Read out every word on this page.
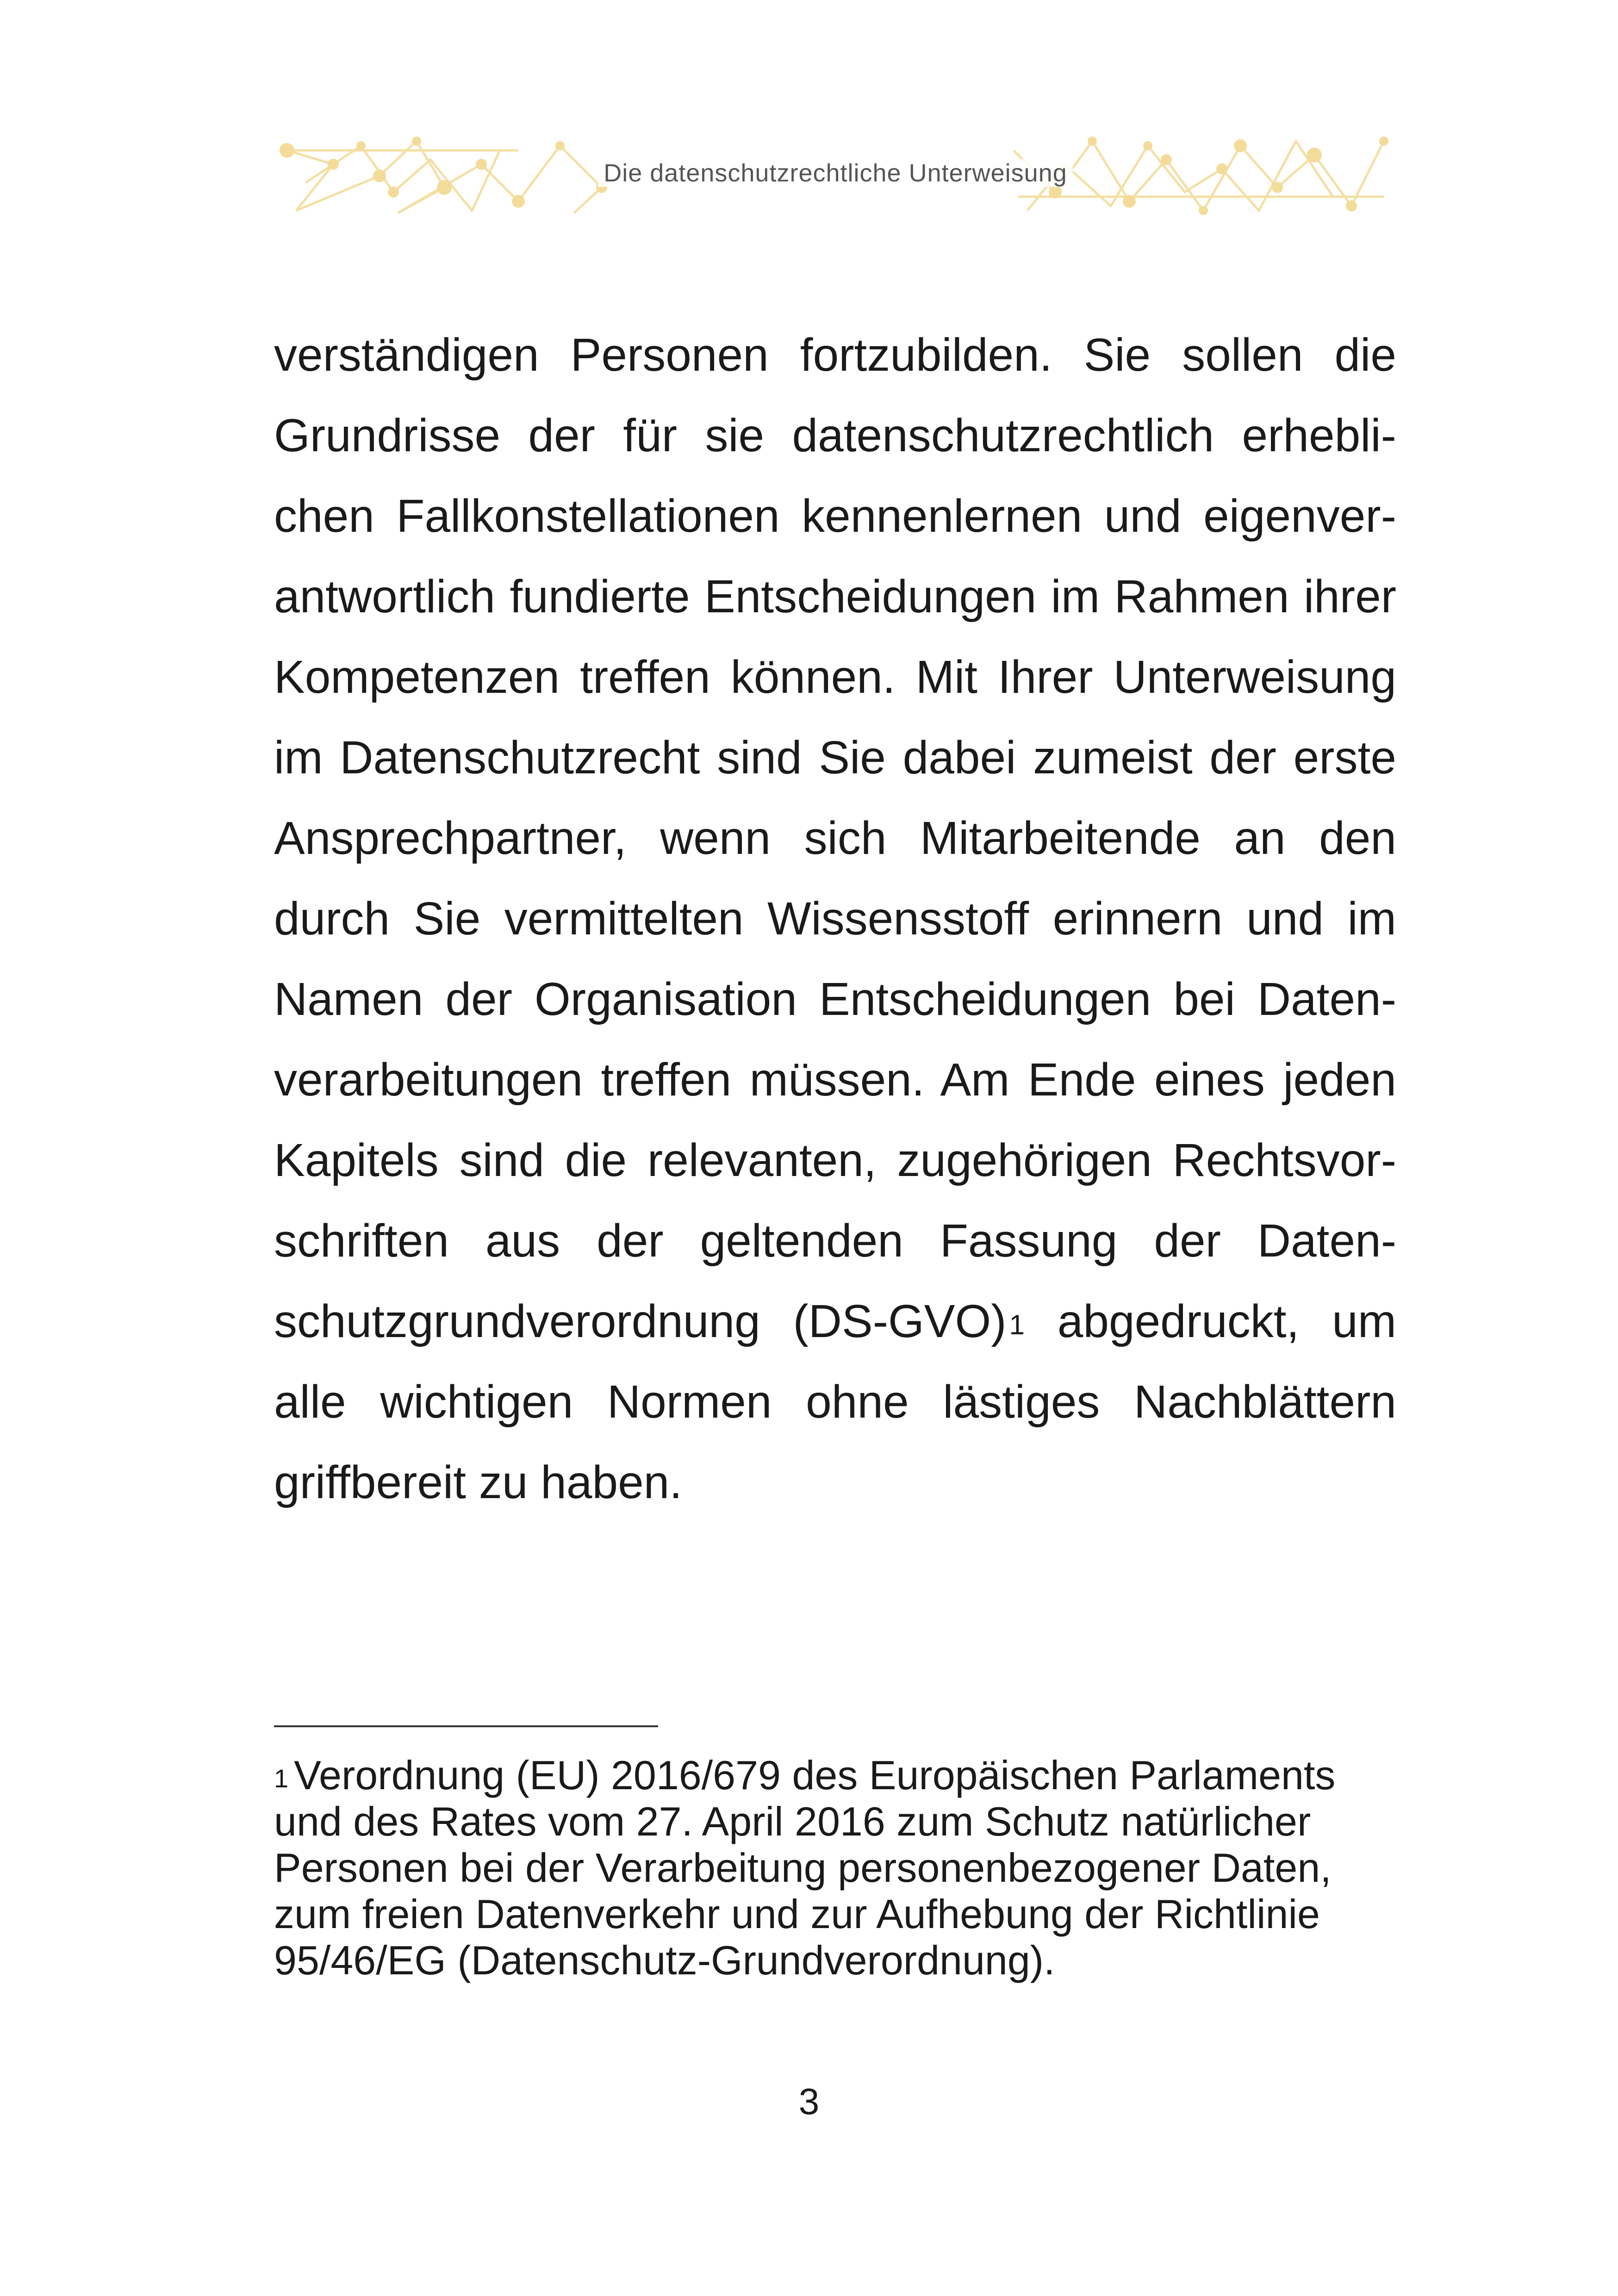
Die datenschutzrechtliche Unterweisung
verständigen Personen fortzubilden. Sie sollen die
Grundrisse der für sie datenschutzrechtlich erhebli-
chen Fallkonstellationen kennenlernen und eigenver-
antwortlich fundierte Entscheidungen im Rahmen ihrer
Kompetenzen treffen können. Mit Ihrer Unterweisung
im Datenschutzrecht sind Sie dabei zumeist der erste
Ansprechpartner, wenn sich Mitarbeitende an den
durch Sie vermittelten Wissensstoff erinnern und im
Namen der Organisation Entscheidungen bei Daten-
verarbeitungen treffen müssen. Am Ende eines jeden
Kapitels sind die relevanten, zugehörigen Rechtsvor-
schriften aus der geltenden Fassung der Daten-
schutzgrundverordnung (DS-GVO) $^1$ abgedruckt, um
alle wichtigen Normen ohne lästiges Nachblättern
griffbereit zu haben.
$^1$ Verordnung (EU) 2016/679 des Europäischen Parlaments
und des Rates vom 27. April 2016 zum Schutz natürlicher
Personen bei der Verarbeitung personenbezogener Daten,
zum freien Datenverkehr und zur Aufhebung der Richtlinie
95/46/EG (Datenschutz-Grundverordnung).
3
